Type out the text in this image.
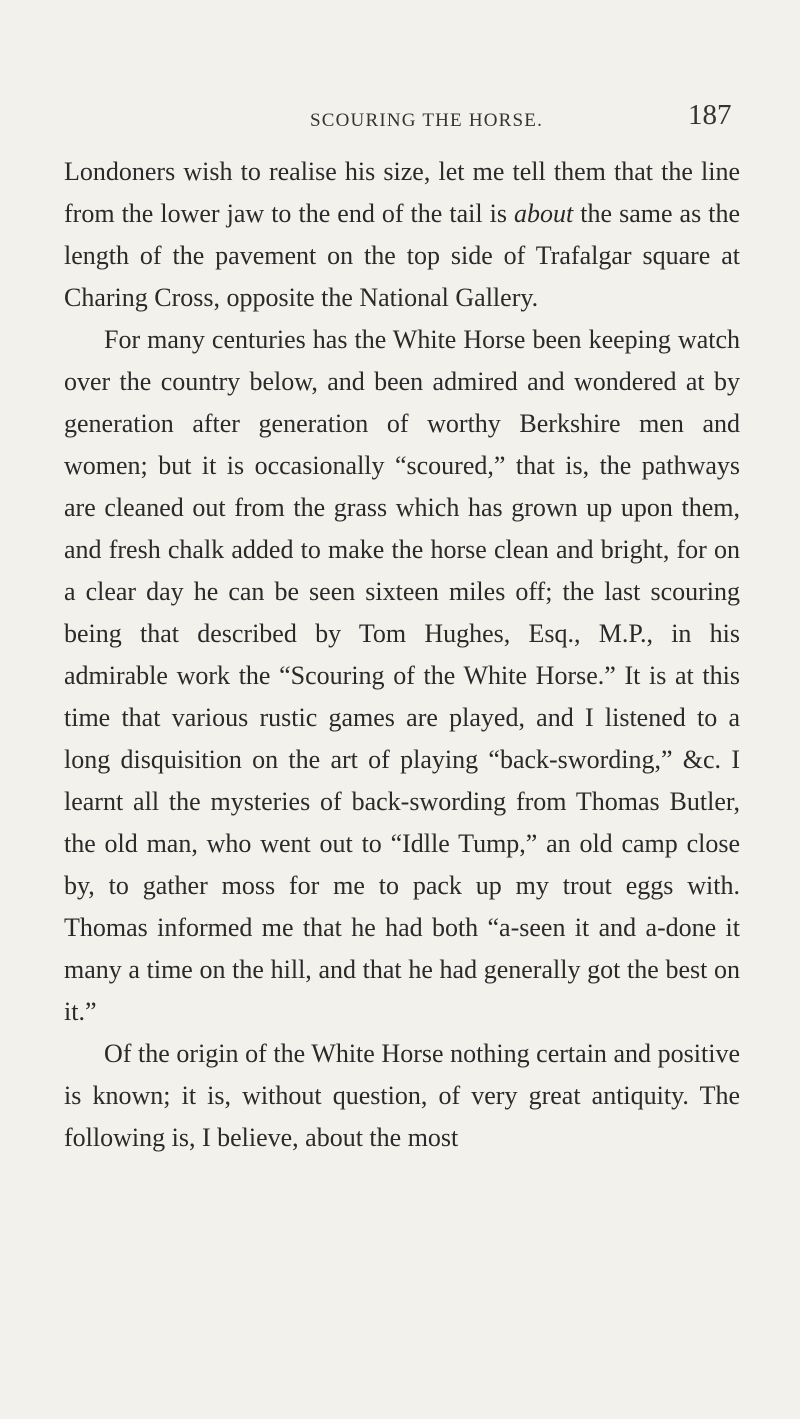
SCOURING THE HORSE.	187

Londoners wish to realise his size, let me tell them that the line from the lower jaw to the end of the tail is about the same as the length of the pavement on the top side of Trafalgar square at Charing Cross, opposite the National Gallery.

For many centuries has the White Horse been keeping watch over the country below, and been admired and wondered at by generation after generation of worthy Berkshire men and women; but it is occasionally “scoured,” that is, the pathways are cleaned out from the grass which has grown up upon them, and fresh chalk added to make the horse clean and bright, for on a clear day he can be seen sixteen miles off; the last scouring being that described by Tom Hughes, Esq., M.P., in his admirable work the “Scouring of the White Horse.” It is at this time that various rustic games are played, and I listened to a long disquisition on the art of playing “back-swording,” &c. I learnt all the mysteries of back-swording from Thomas Butler, the old man, who went out to “Idlle Tump,” an old camp close by, to gather moss for me to pack up my trout eggs with. Thomas informed me that he had both “a-seen it and a-done it many a time on the hill, and that he had generally got the best on it.”

Of the origin of the White Horse nothing certain and positive is known; it is, without question, of very great antiquity. The following is, I believe, about the most
